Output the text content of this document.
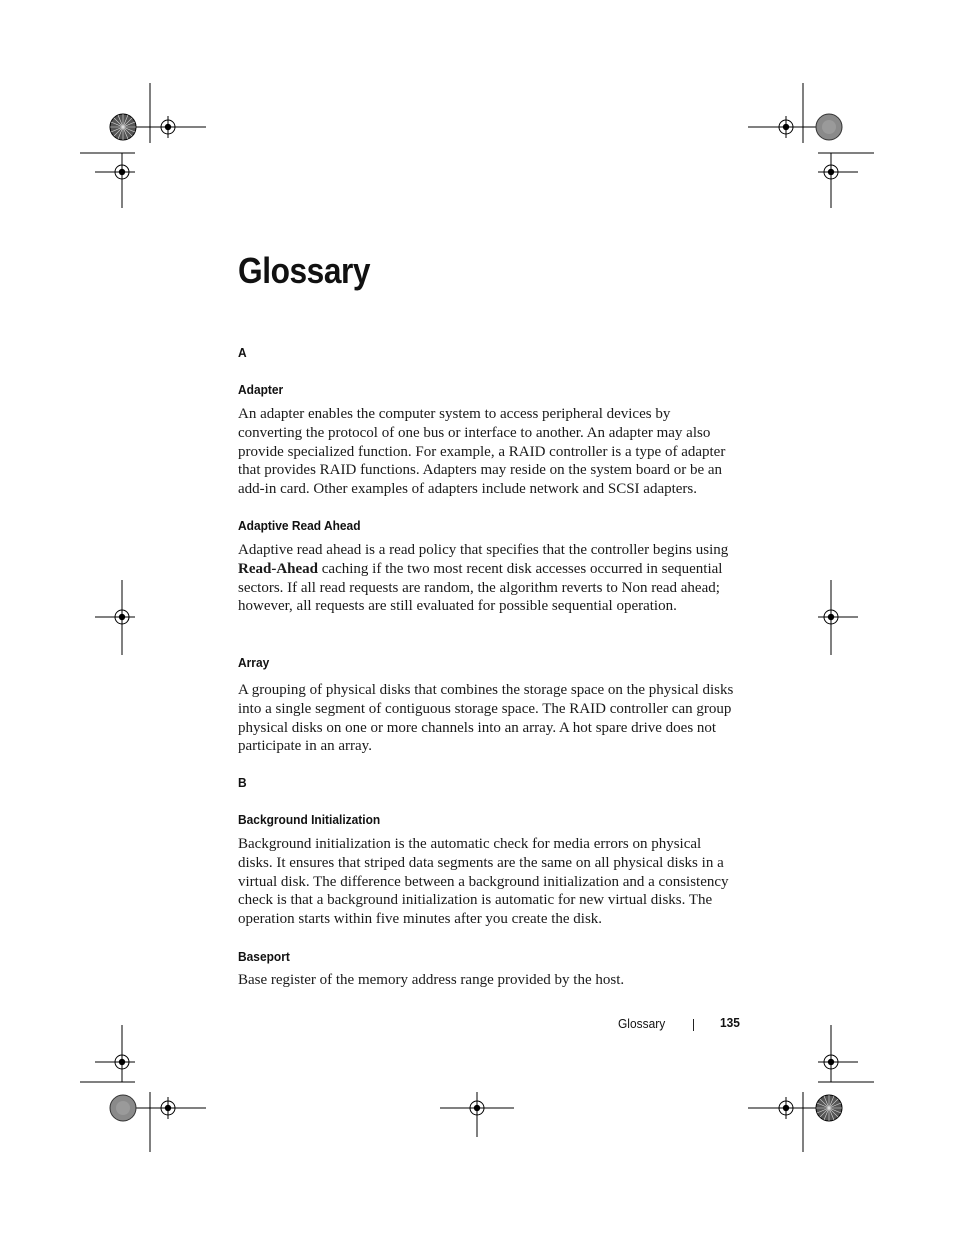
Glossary
A
Adapter

An adapter enables the computer system to access peripheral devices by converting the protocol of one bus or interface to another. An adapter may also provide specialized function. For example, a RAID controller is a type of adapter that provides RAID functions. Adapters may reside on the system board or be an add-in card. Other examples of adapters include network and SCSI adapters.

Adaptive Read Ahead

Adaptive read ahead is a read policy that specifies that the controller begins using Read-Ahead caching if the two most recent disk accesses occurred in sequential sectors. If all read requests are random, the algorithm reverts to Non read ahead; however, all requests are still evaluated for possible sequential operation.

Array

A grouping of physical disks that combines the storage space on the physical disks into a single segment of contiguous storage space. The RAID controller can group physical disks on one or more channels into an array. A hot spare drive does not participate in an array.

B
Background Initialization

Background initialization is the automatic check for media errors on physical disks. It ensures that striped data segments are the same on all physical disks in a virtual disk. The difference between a background initialization and a consistency check is that a background initialization is automatic for new virtual disks. The operation starts within five minutes after you create the disk.

Baseport

Base register of the memory address range provided by the host.

Glossary	135
